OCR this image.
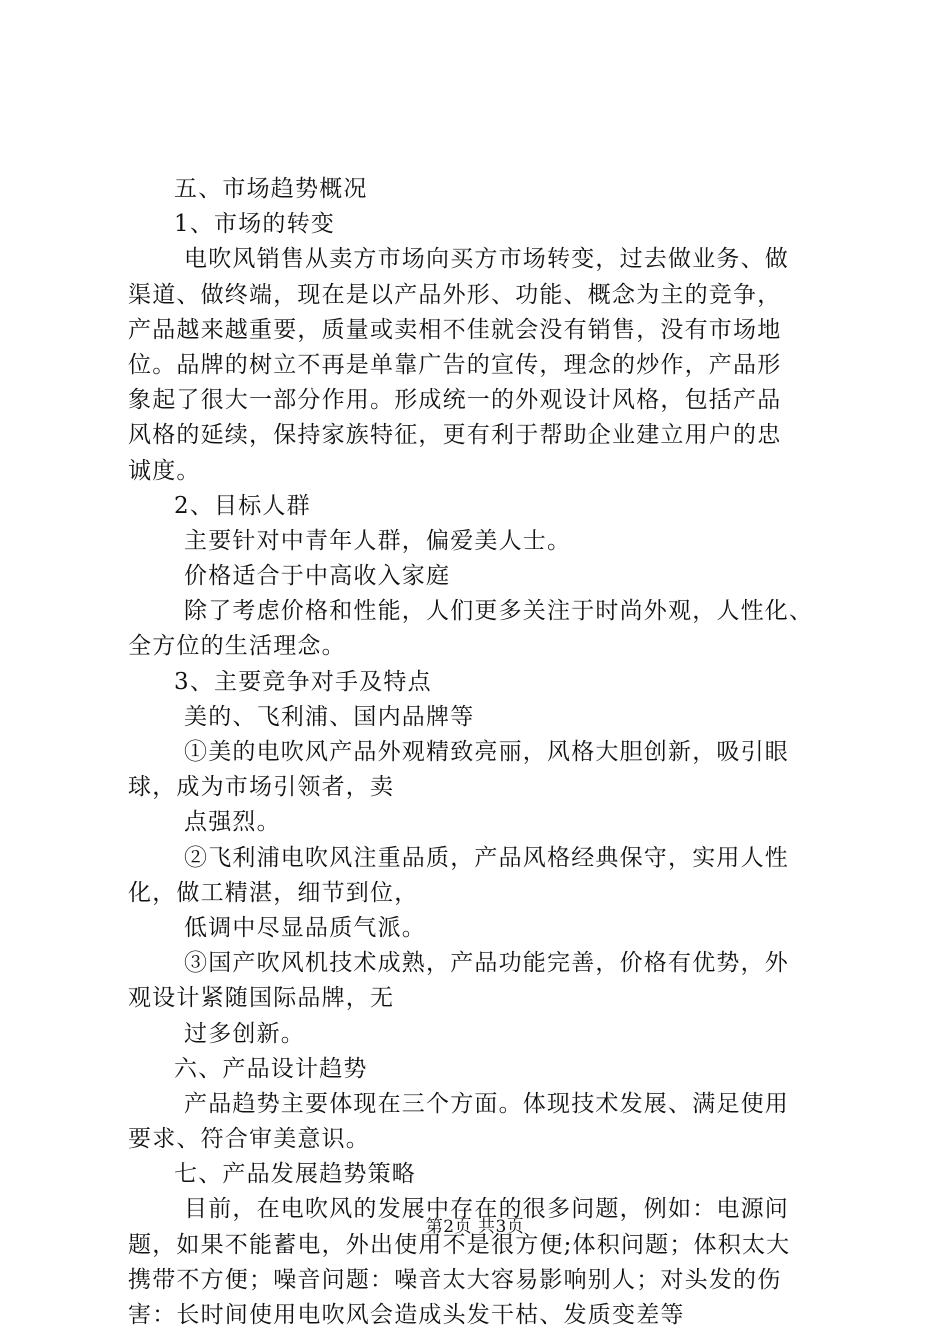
五、市场趋势概况
1、市场的转变
电吹风销售从卖方市场向买方市场转变，过去做业务、做
渠道、做终端，现在是以产品外形、功能、概念为主的竞争，
产品越来越重要，质量或卖相不佳就会没有销售，没有市场地
位。品牌的树立不再是单靠广告的宣传，理念的炒作，产品形
象起了很大一部分作用。形成统一的外观设计风格，包括产品
风格的延续，保持家族特征，更有利于帮助企业建立用户的忠
诚度。
2、目标人群
主要针对中青年人群，偏爱美人士。
价格适合于中高收入家庭
除了考虑价格和性能，人们更多关注于时尚外观，人性化、
全方位的生活理念。
3、主要竞争对手及特点
美的、飞利浦、国内品牌等
①美的电吹风产品外观精致亮丽，风格大胆创新，吸引眼
球，成为市场引领者，卖
点强烈。
②飞利浦电吹风注重品质，产品风格经典保守，实用人性
化，做工精湛，细节到位，
低调中尽显品质气派。
③国产吹风机技术成熟，产品功能完善，价格有优势，外
观设计紧随国际品牌，无
过多创新。
六、产品设计趋势
产品趋势主要体现在三个方面。体现技术发展、满足使用
要求、符合审美意识。
七、产品发展趋势策略
目前，在电吹风的发展中存在的很多问题，例如：电源问
题，如果不能蓄电，外出使用不是很方便;体积问题；体积太大
携带不方便；噪音问题：噪音太大容易影响别人；对头发的伤
害：长时间使用电吹风会造成头发干枯、发质变差等
第2页 共3页
